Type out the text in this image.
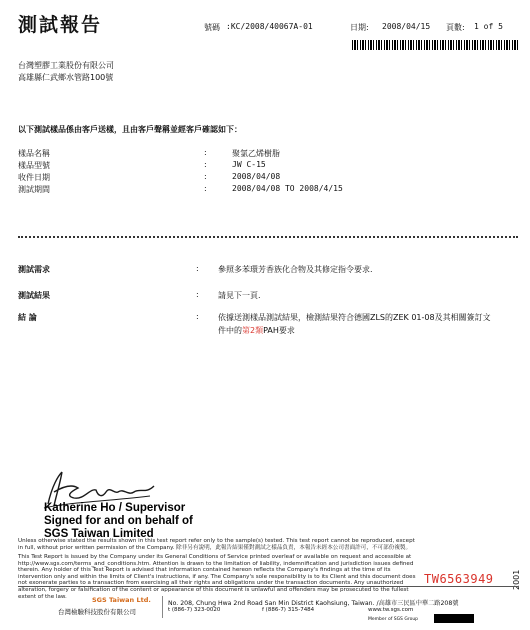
測試報告	號碼 :KC/2008/40067A-01	日期: 2008/04/15 頁數: 1 of 5
台灣塑膠工業股份有限公司
高雄縣仁武鄉水管路100號
以下測試樣品係由客戶送樣，且由客戶聲稱並經客戶確認如下：
樣品名稱	:	聚氯乙烯樹脂
樣品型號	:	JW C-15
收件日期	:	2008/04/08
測試期間	:	2008/04/08 TO 2008/4/15
測試需求	: 參照多苯環芳香族化合物及其修定指令要求.
測試結果	: 請見下一頁.
結 論	: 依據送測樣品測試結果，檢測結果符合德國ZLS的ZEK 01-08及其相關簽訂文
件中的第2類PAH要求
Katherine Ho / Supervisor
Signed for and on behalf of
SGS Taiwan Limited
Unless otherwise stated the results shown in this test report refer only to the sample(s) tested. This test report cannot be reproduced, except
in full, without prior written permission of the Company. 除非另有說明，此報告結果僅對測試之樣品負責，本報告未經本公司書面許可，不可部份複製。
This Test Report is issued by the Company under its General Conditions of Service printed overleaf or available on request and accessible at
http://www.sgs.com/terms_and_conditions.htm. Attention is drawn to the limitation of liability, indemnification and jurisdiction issues defined
therein. Any holder of this Test Report is advised that information contained hereon reflects the Company's findings at the time of its
intervention only and within the limits of Client's instructions, if any. The Company's sole responsibility is to its Client and this document does
not exonerate parties to a transaction from exercising all their rights and obligations under the transaction documents. Any unauthorized
alteration, forgery or falsification of the content or appearance of this document is unlawful and offenders may be prosecuted to the fullest
extent of the law.
TW6563949 2001
SGS Taiwan Ltd.
台灣檢驗科技股份有限公司
No. 208, Chung Hwa 2nd Road San Min District Kaohsiung, Taiwan. /高雄市三民區中華二路208號
t (886-7) 323-0020	f (886-7) 315-7484	www.tw.sgs.com
Member of SGS Group
